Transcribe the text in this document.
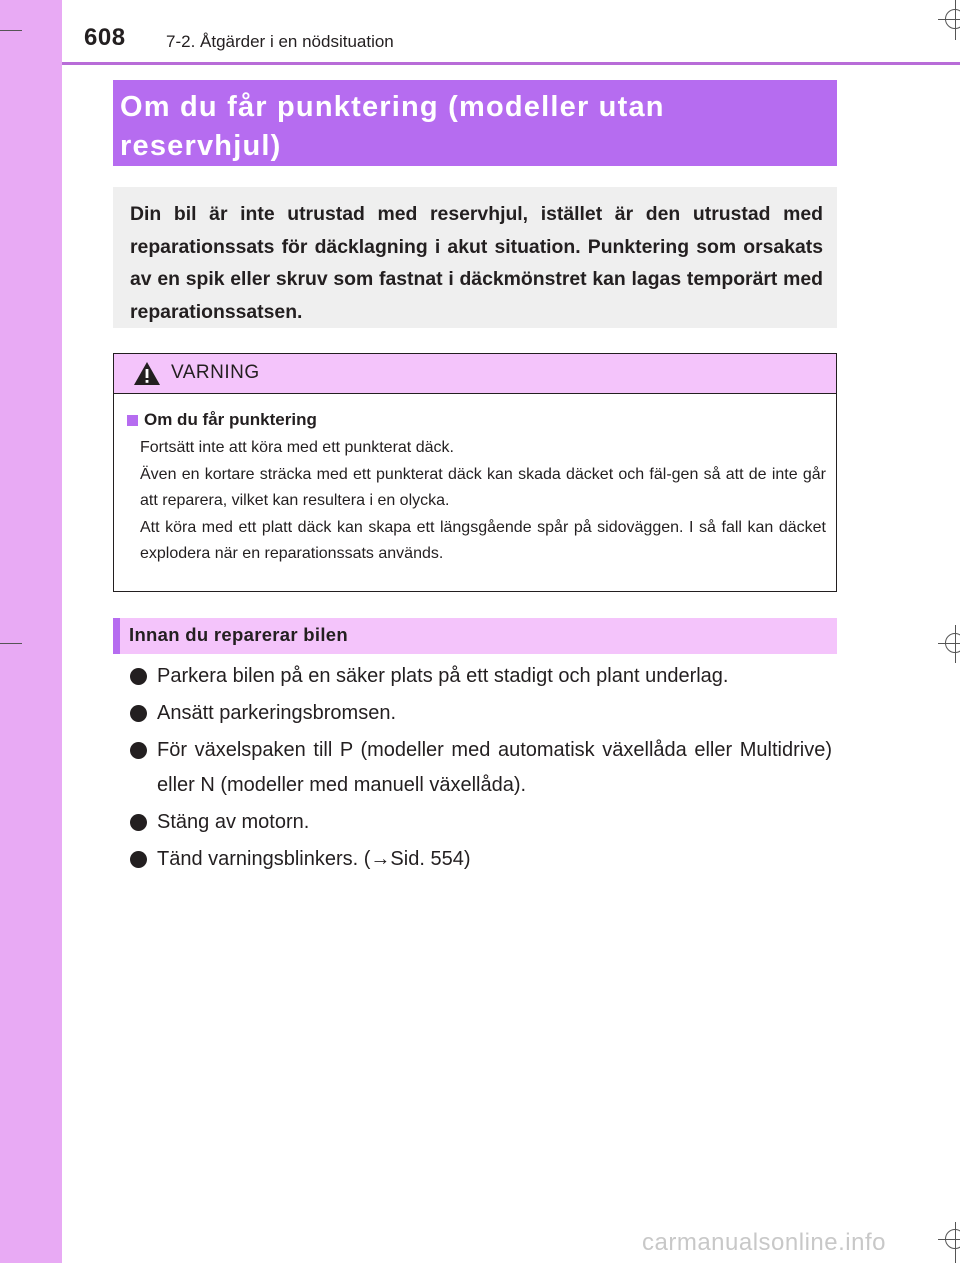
608 7-2. Åtgärder i en nödsituation
Om du får punktering (modeller utan
reservhjul)

Din bil är inte utrustad med reservhjul, istället är den utrustad med reparationssats för däcklagning i akut situation. Punktering som orsakats av en spik eller skruv som fastnat i däckmönstret kan lagas temporärt med reparationssatsen.

VARNING
Om du får punktering

Fortsätt inte att köra med ett punkterat däck.

Även en kortare sträcka med ett punkterat däck kan skada däcket och fäl-gen så att de inte går att reparera, vilket kan resultera i en olycka.

Att köra med ett platt däck kan skapa ett längsgående spår på sidoväggen. I så fall kan däcket explodera när en reparationssats används.

Innan du reparerar bilen
Parkera bilen på en säker plats på ett stadigt och plant underlag.
Ansätt parkeringsbromsen.
För växelspaken till P (modeller med automatisk växellåda eller Multidrive) eller N (modeller med manuell växellåda).
Stäng av motorn.
Tänd varningsblinkers. (→Sid. 554)
carmanualsonline.info
